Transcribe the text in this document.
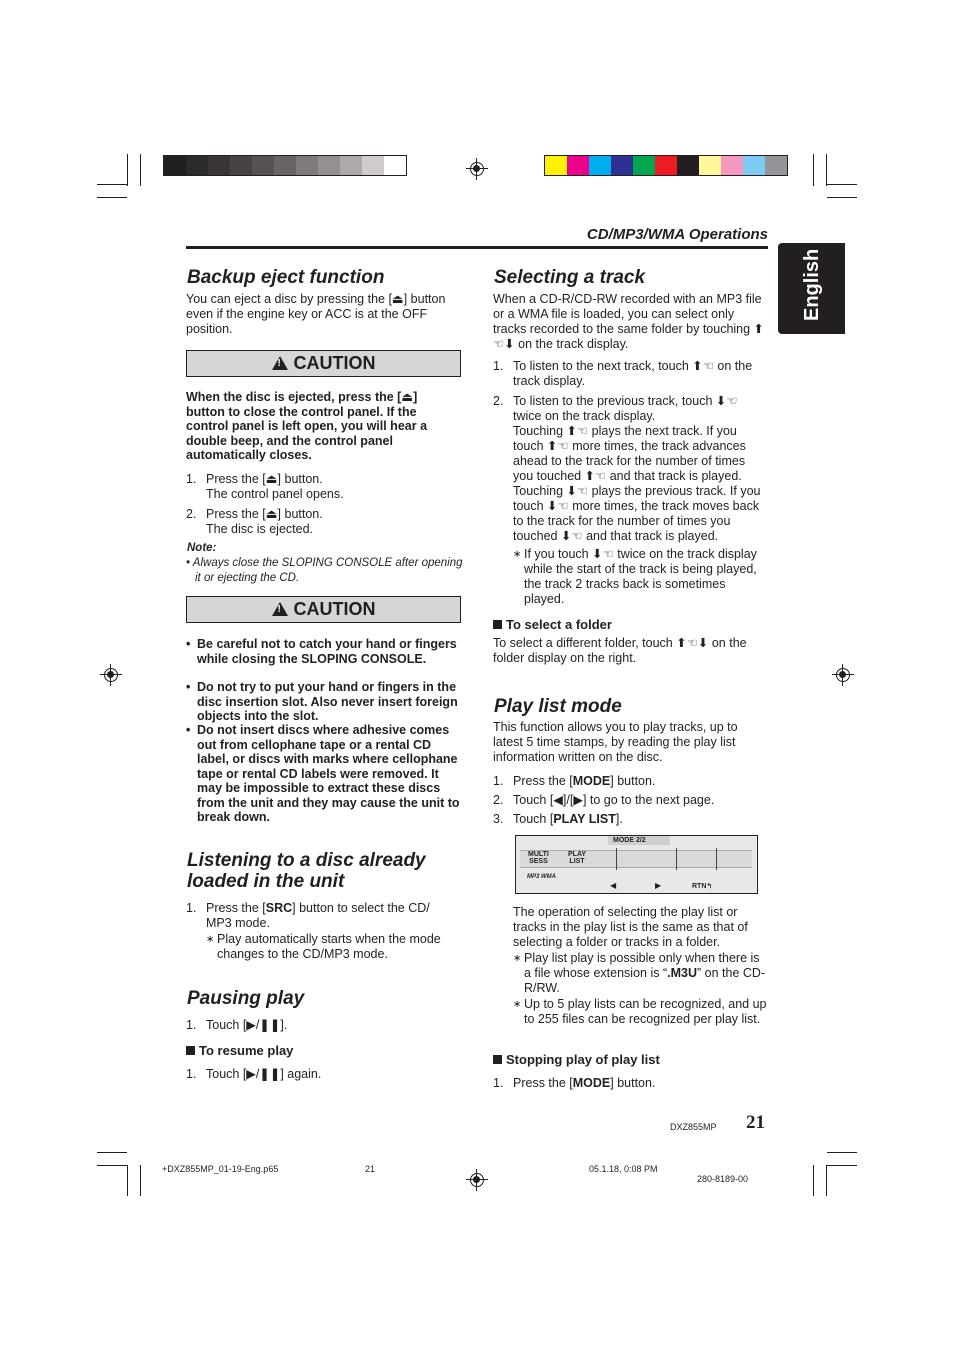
CD/MP3/WMA Operations
English
Backup eject function
You can eject a disc by pressing the [⏏] button even if the engine key or ACC is at the OFF position.
!CAUTION
When the disc is ejected, press the [⏏] button to close the control panel. If the control panel is left open, you will hear a double beep, and the control panel automatically closes.
1. Press the [⏏] button.
The control panel opens.
2. Press the [⏏] button.
The disc is ejected.
Note:
• Always close the SLOPING CONSOLE after opening it or ejecting the CD.
!CAUTION
• Be careful not to catch your hand or fingers while closing the SLOPING CONSOLE.
• Do not try to put your hand or fingers in the disc insertion slot. Also never insert foreign objects into the slot.
• Do not insert discs where adhesive comes out from cellophane tape or a rental CD label, or discs with marks where cellophane tape or rental CD labels were removed. It may be impossible to extract these discs from the unit and they may cause the unit to break down.
Listening to a disc already
loaded in the unit
1. Press the [SRC] button to select the CD/ MP3 mode.
∗ Play automatically starts when the mode changes to the CD/MP3 mode.
Pausing play
1. Touch [▶/❚❚].
To resume play
1. Touch [▶/❚❚] again.
Selecting a track
When a CD-R/CD-RW recorded with an MP3 file or a WMA file is loaded, you can select only tracks recorded to the same folder by touching ⬆☜⬇ on the track display.
1. To listen to the next track, touch ⬆☜ on the track display.
2. To listen to the previous track, touch ⬇☜ twice on the track display.
Touching ⬆☜ plays the next track. If you touch ⬆☜ more times, the track advances ahead to the track for the number of times you touched ⬆☜ and that track is played. Touching ⬇☜ plays the previous track. If you touch ⬇☜ more times, the track moves back to the track for the number of times you touched ⬇☜ and that track is played.
∗ If you touch ⬇☜ twice on the track display while the start of the track is being played, the track 2 tracks back is sometimes played.
To select a folder
To select a different folder, touch ⬆☜⬇ on the folder display on the right.
Play list mode
This function allows you to play tracks, up to latest 5 time stamps, by reading the play list information written on the disc.
1. Press the [MODE] button.
2. Touch [◀]/[▶] to go to the next page.
3. Touch [PLAY LIST].
MODE 2/2
MULTI
SESS
PLAY
LIST
MP3 WMA
◀	▶	RTN↰
The operation of selecting the play list or tracks in the play list is the same as that of selecting a folder or tracks in a folder.
∗ Play list play is possible only when there is a file whose extension is “.M3U” on the CD-R/RW.
∗ Up to 5 play lists can be recognized, and up to 255 files can be recognized per play list.
Stopping play of play list
1. Press the [MODE] button.
21
DXZ855MP
+DXZ855MP_01-19-Eng.p65	21	05.1.18, 0:08 PM
280-8189-00
